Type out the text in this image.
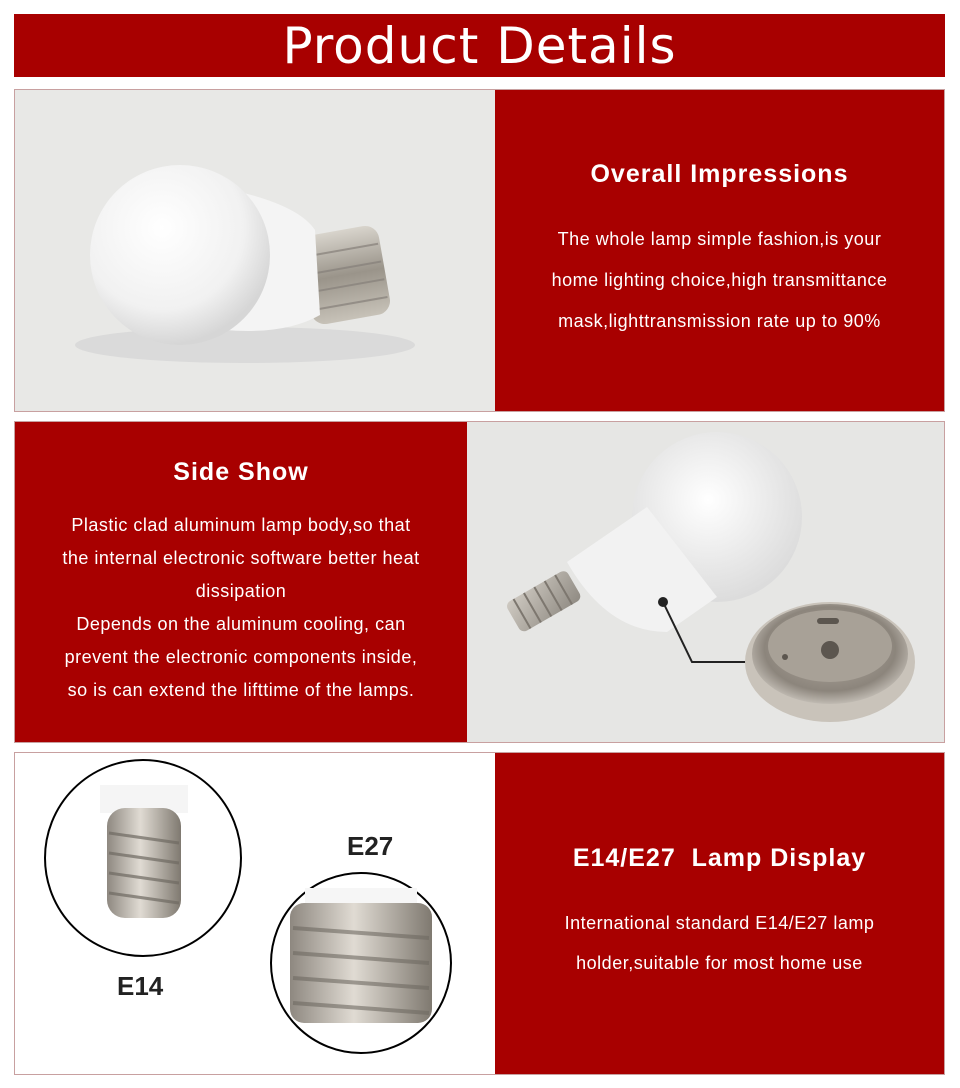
Product Details
Overall Impressions
The whole lamp simple fashion,is your
home lighting choice,high transmittance
mask,lighttransmission rate up to 90%
Side Show
Plastic clad aluminum lamp body,so that
the internal electronic software better heat
dissipation
Depends on the aluminum cooling, can
prevent the electronic components inside,
so is can extend the lifttime of the lamps.
E14
E27	E14/E27  Lamp Display
International standard E14/E27 lamp
holder,suitable for most home use
